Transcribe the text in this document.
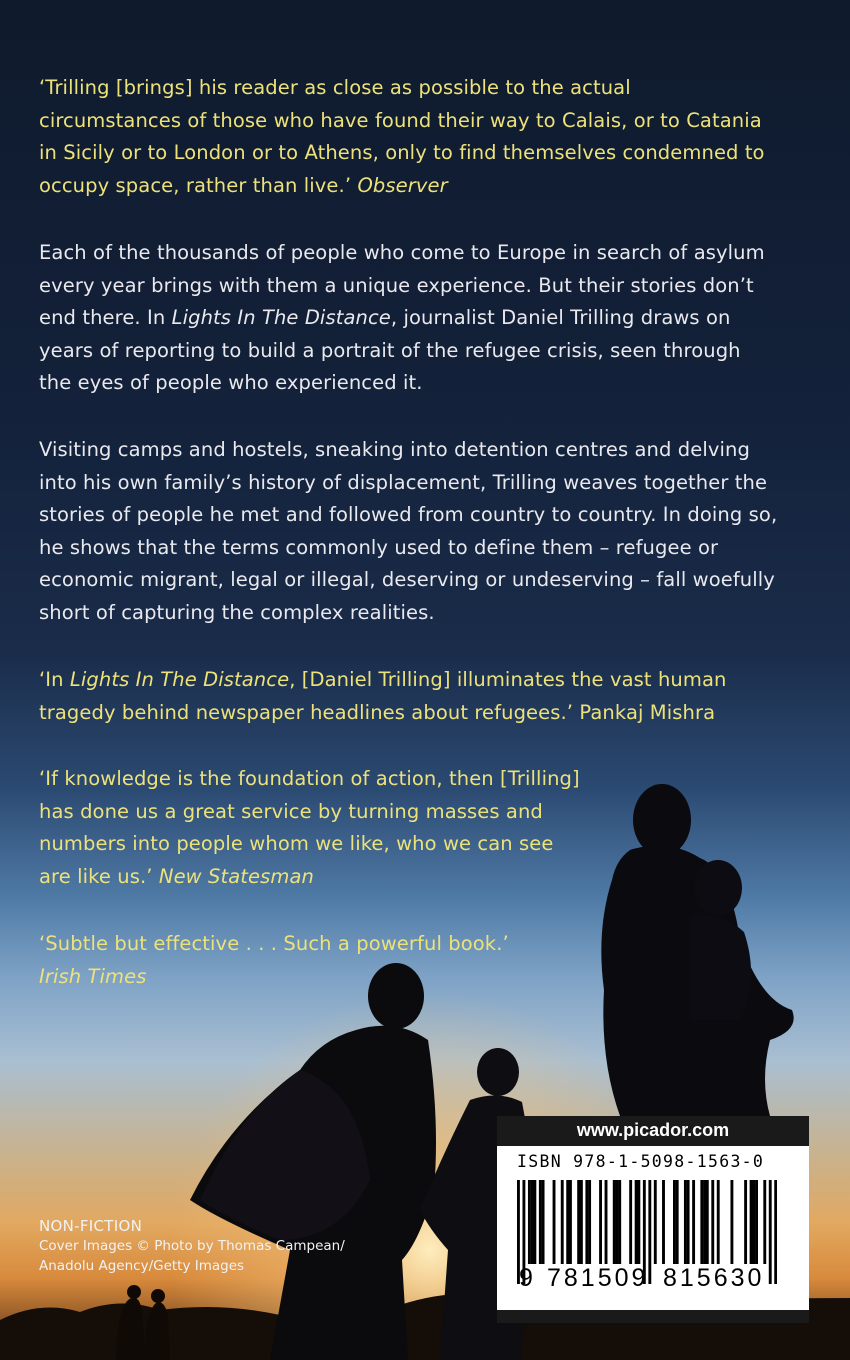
‘Trilling [brings] his reader as close as possible to the actual circumstances of those who have found their way to Calais, or to Catania in Sicily or to London or to Athens, only to find themselves condemned to occupy space, rather than live.’ Observer

Each of the thousands of people who come to Europe in search of asylum every year brings with them a unique experience. But their stories don’t end there. In Lights In The Distance, journalist Daniel Trilling draws on years of reporting to build a portrait of the refugee crisis, seen through the eyes of people who experienced it.

Visiting camps and hostels, sneaking into detention centres and delving into his own family’s history of displacement, Trilling weaves together the stories of people he met and followed from country to country. In doing so, he shows that the terms commonly used to define them – refugee or economic migrant, legal or illegal, deserving or undeserving – fall woefully short of capturing the complex realities.

‘In Lights In The Distance, [Daniel Trilling] illuminates the vast human tragedy behind newspaper headlines about refugees.’ Pankaj Mishra

‘If knowledge is the foundation of action, then [Trilling] has done us a great service by turning masses and numbers into people whom we like, who we can see are like us.’ New Statesman

‘Subtle but effective . . . Such a powerful book.’

Irish Times

NON-FICTION
Cover Images © Photo by Thomas Campean/
Anadolu Agency/Getty Images
www.picador.com
ISBN 978-1-5098-1563-0
9 781509 815630
